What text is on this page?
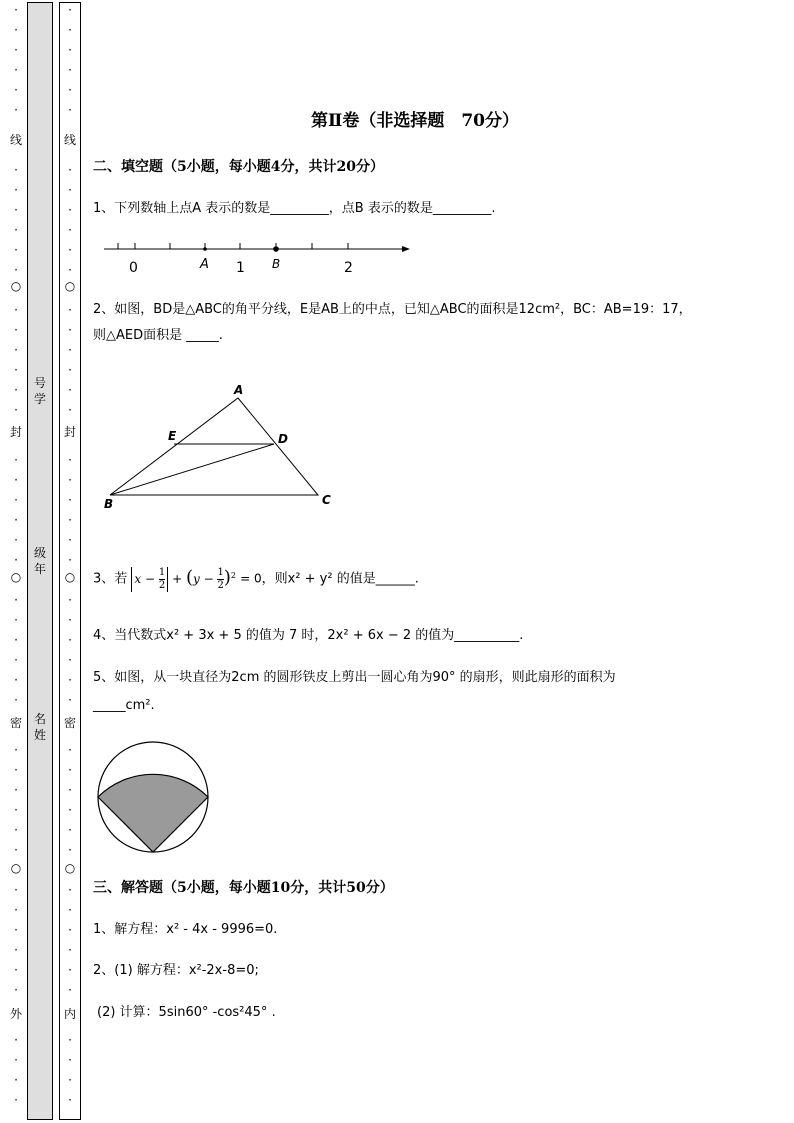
·
·
·
·
·
·
线
·
·
·
·
·
·
○
·
·
·
·
·
·
封
·
·
·
·
·
·
○
·
·
·
·
·
·
密
·
·
·
·
·
·
○
·
·
·
·
·
·
外
·
·
·
·
号学
级年
名姓
·
·
·
·
·
·
线
·
·
·
·
·
·
○
·
·
·
·
·
·
封
·
·
·
·
·
·
○
·
·
·
·
·
·
密
·
·
·
·
·
·
○
·
·
·
·
·
·
内
·
·
·
·
第Ⅱ卷（非选择题　70分）
二、填空题（5小题，每小题4分，共计20分）
1、下列数轴上点A 表示的数是_________，点B 表示的数是_________.
0	A 1 B	2
2、如图，BD是△ABC的角平分线，E是AB上的中点，已知△ABC的面积是12cm²，BC：AB=19：17，
则△AED面积是 _____.
A
E	D
B	C
3、若 $x - \frac{1}{2} + (y - \frac{1}{2} )^2 = 0$，则x² + y² 的值是______.
4、当代数式x² + 3x + 5 的值为 7 时，2x² + 6x − 2 的值为__________.
5、如图，从一块直径为2cm 的圆形铁皮上剪出一圆心角为90° 的扇形，则此扇形的面积为
_____cm².
三、解答题（5小题，每小题10分，共计50分）
1、解方程：x² - 4x - 9996=0.
2、(1) 解方程：x²-2x-8=0;
(2) 计算：5sin60° -cos²45° .
